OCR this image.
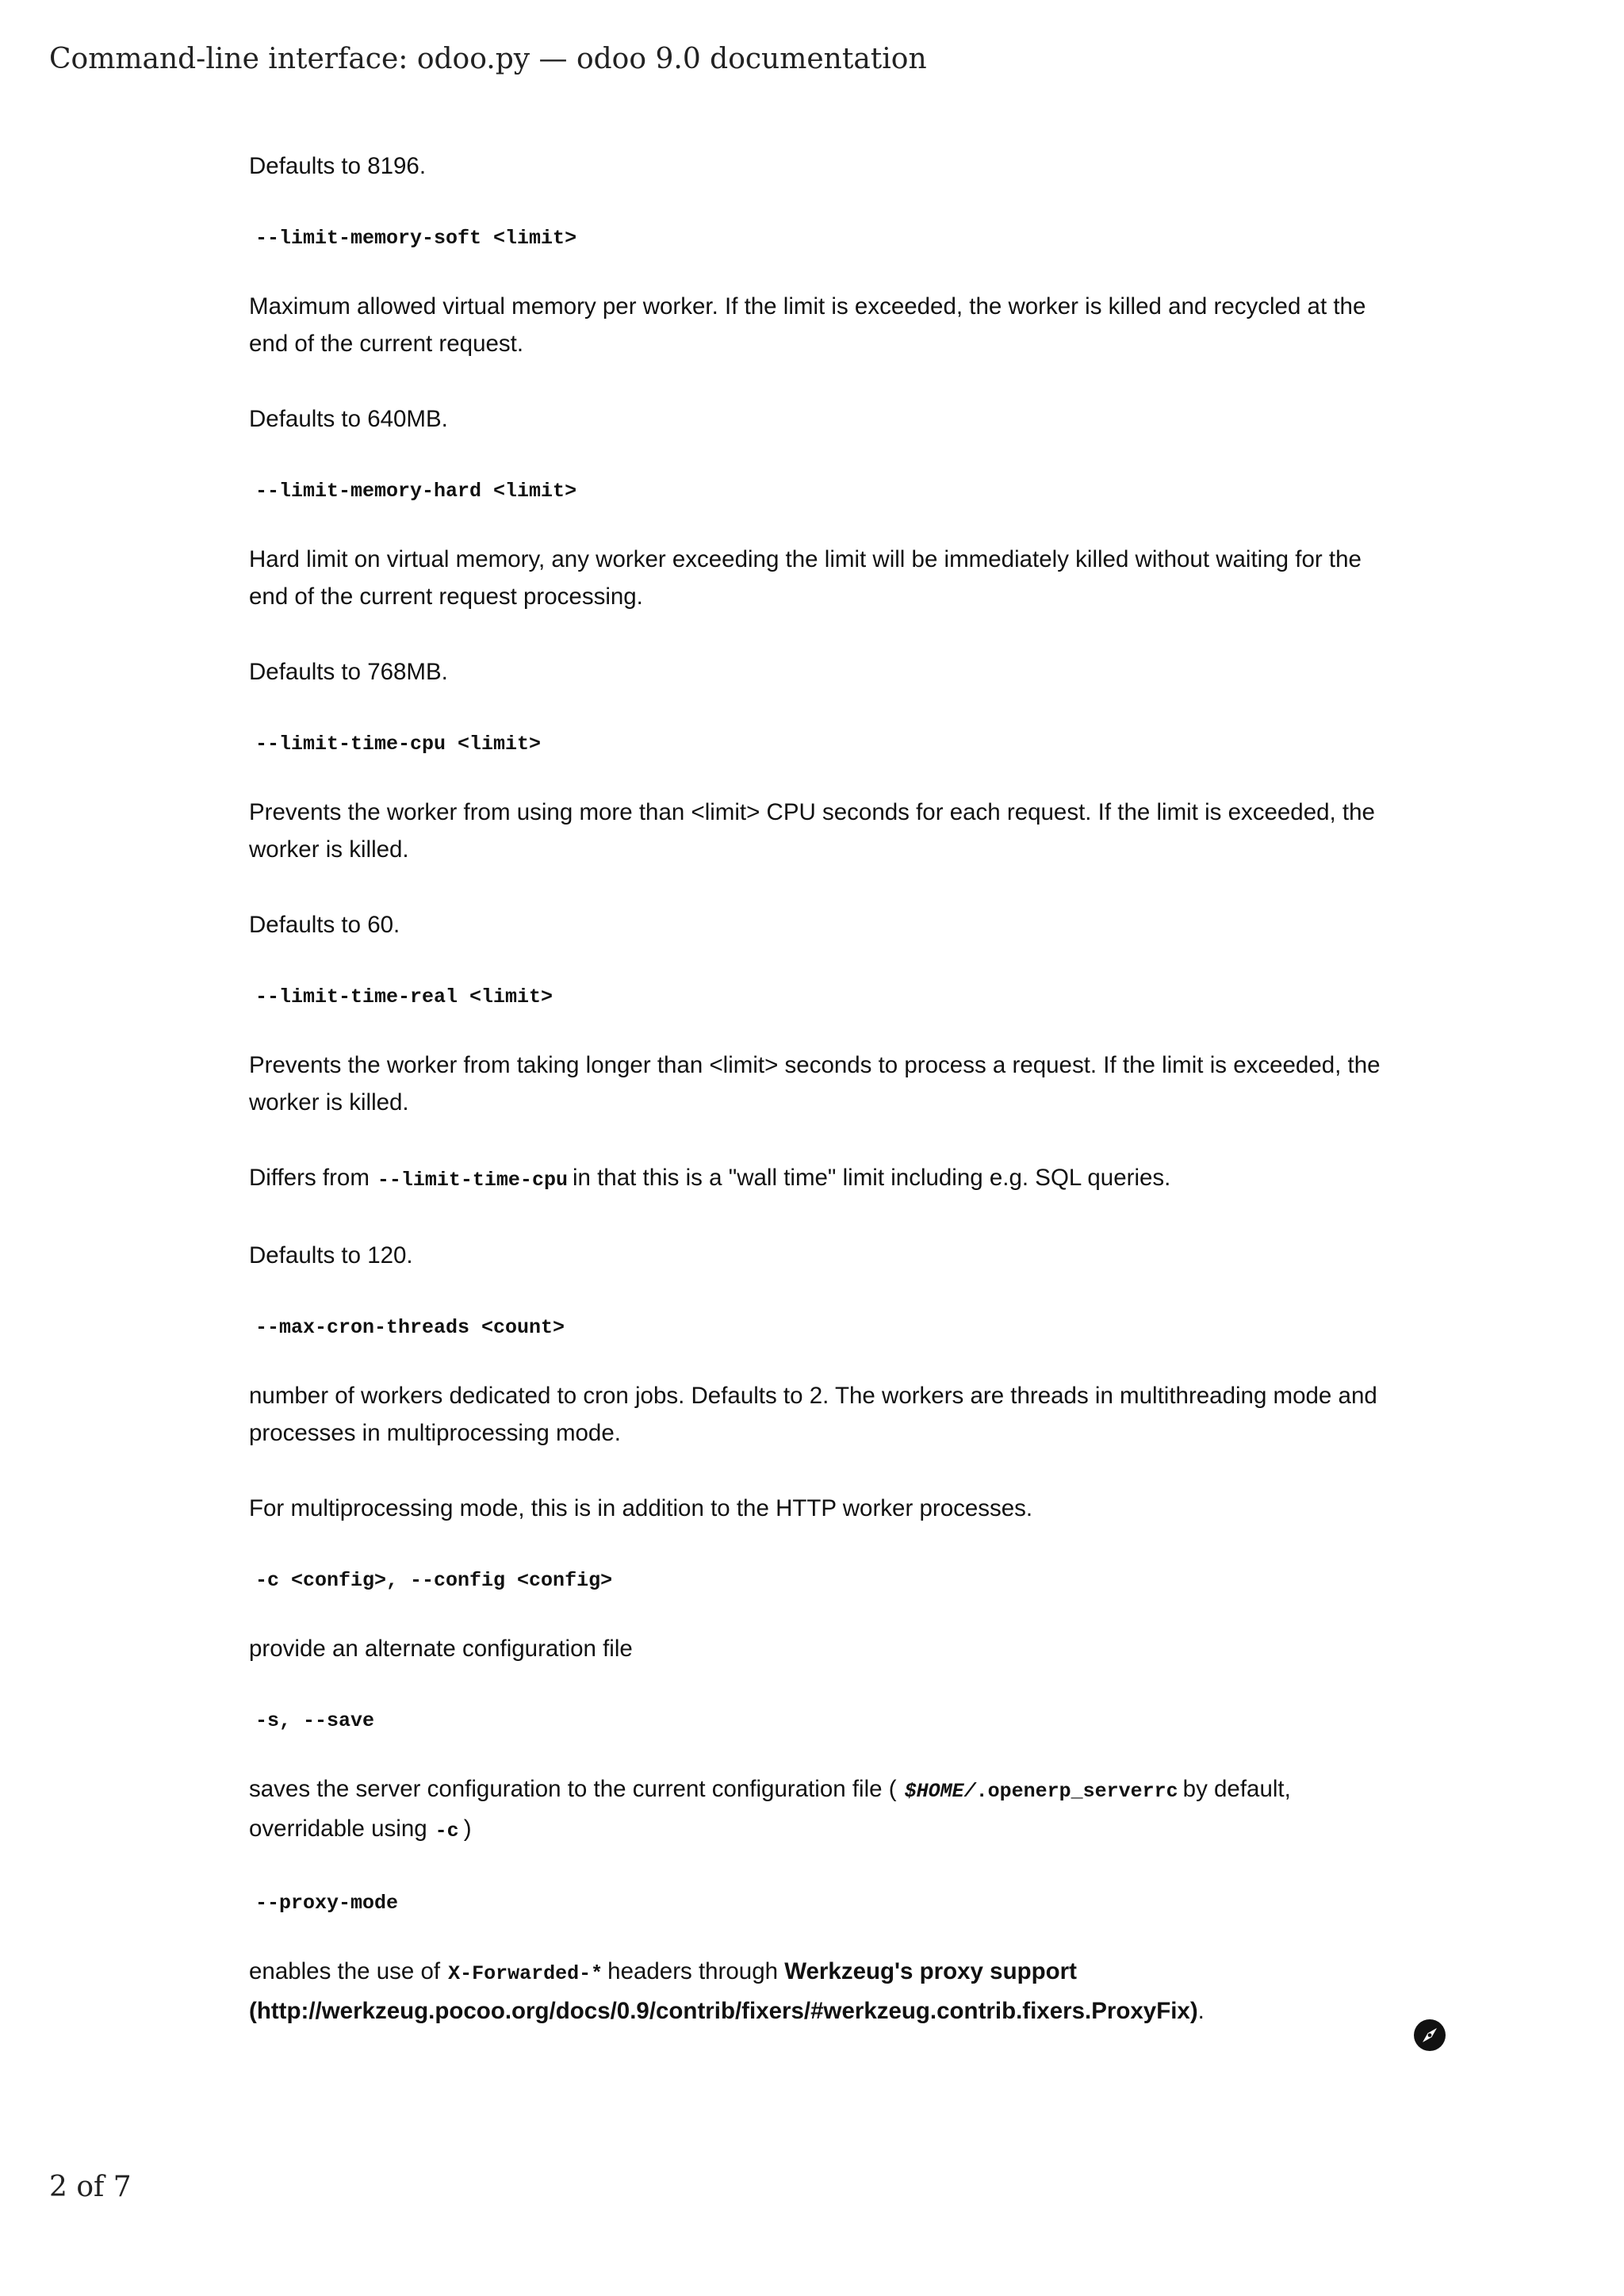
Command-line interface: odoo.py — odoo 9.0 documentation
Defaults to 8196.
--limit-memory-soft <limit>
Maximum allowed virtual memory per worker. If the limit is exceeded, the worker is killed and recycled at the end of the current request.
Defaults to 640MB.
--limit-memory-hard <limit>
Hard limit on virtual memory, any worker exceeding the limit will be immediately killed without waiting for the end of the current request processing.
Defaults to 768MB.
--limit-time-cpu <limit>
Prevents the worker from using more than <limit> CPU seconds for each request. If the limit is exceeded, the worker is killed.
Defaults to 60.
--limit-time-real <limit>
Prevents the worker from taking longer than <limit> seconds to process a request. If the limit is exceeded, the worker is killed.
Differs from --limit-time-cpu in that this is a "wall time" limit including e.g. SQL queries.
Defaults to 120.
--max-cron-threads <count>
number of workers dedicated to cron jobs. Defaults to 2. The workers are threads in multithreading mode and processes in multiprocessing mode.
For multiprocessing mode, this is in addition to the HTTP worker processes.
-c <config>, --config <config>
provide an alternate configuration file
-s, --save
saves the server configuration to the current configuration file ( $HOME/.openerp_serverrc by default, overridable using -c )
--proxy-mode
enables the use of X-Forwarded-* headers through Werkzeug's proxy support (http://werkzeug.pocoo.org/docs/0.9/contrib/fixers/#werkzeug.contrib.fixers.ProxyFix).
2 of 7
